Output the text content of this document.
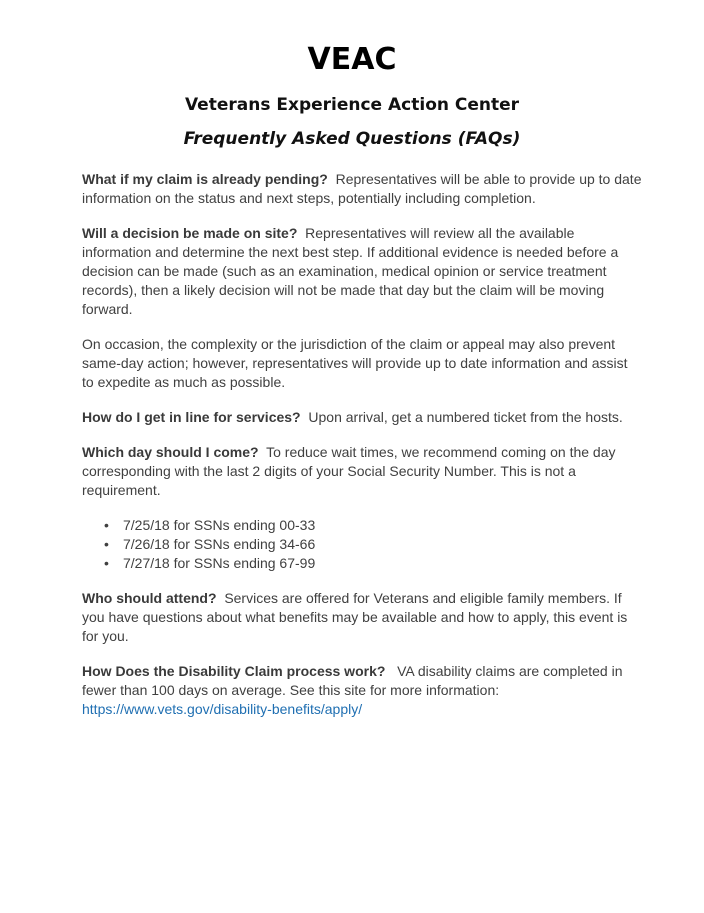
VEAC
Veterans Experience Action Center
Frequently Asked Questions (FAQs)

What if my claim is already pending? Representatives will be able to provide up to date information on the status and next steps, potentially including completion.

Will a decision be made on site? Representatives will review all the available information and determine the next best step. If additional evidence is needed before a decision can be made (such as an examination, medical opinion or service treatment records), then a likely decision will not be made that day but the claim will be moving forward.

On occasion, the complexity or the jurisdiction of the claim or appeal may also prevent same-day action; however, representatives will provide up to date information and assist to expedite as much as possible.

How do I get in line for services? Upon arrival, get a numbered ticket from the hosts.

Which day should I come? To reduce wait times, we recommend coming on the day corresponding with the last 2 digits of your Social Security Number. This is not a requirement.

• 7/25/18 for SSNs ending 00-33
• 7/26/18 for SSNs ending 34-66
• 7/27/18 for SSNs ending 67-99

Who should attend? Services are offered for Veterans and eligible family members. If you have questions about what benefits may be available and how to apply, this event is for you.

How Does the Disability Claim process work? VA disability claims are completed in fewer than 100 days on average. See this site for more information:
https://www.vets.gov/disability-benefits/apply/
